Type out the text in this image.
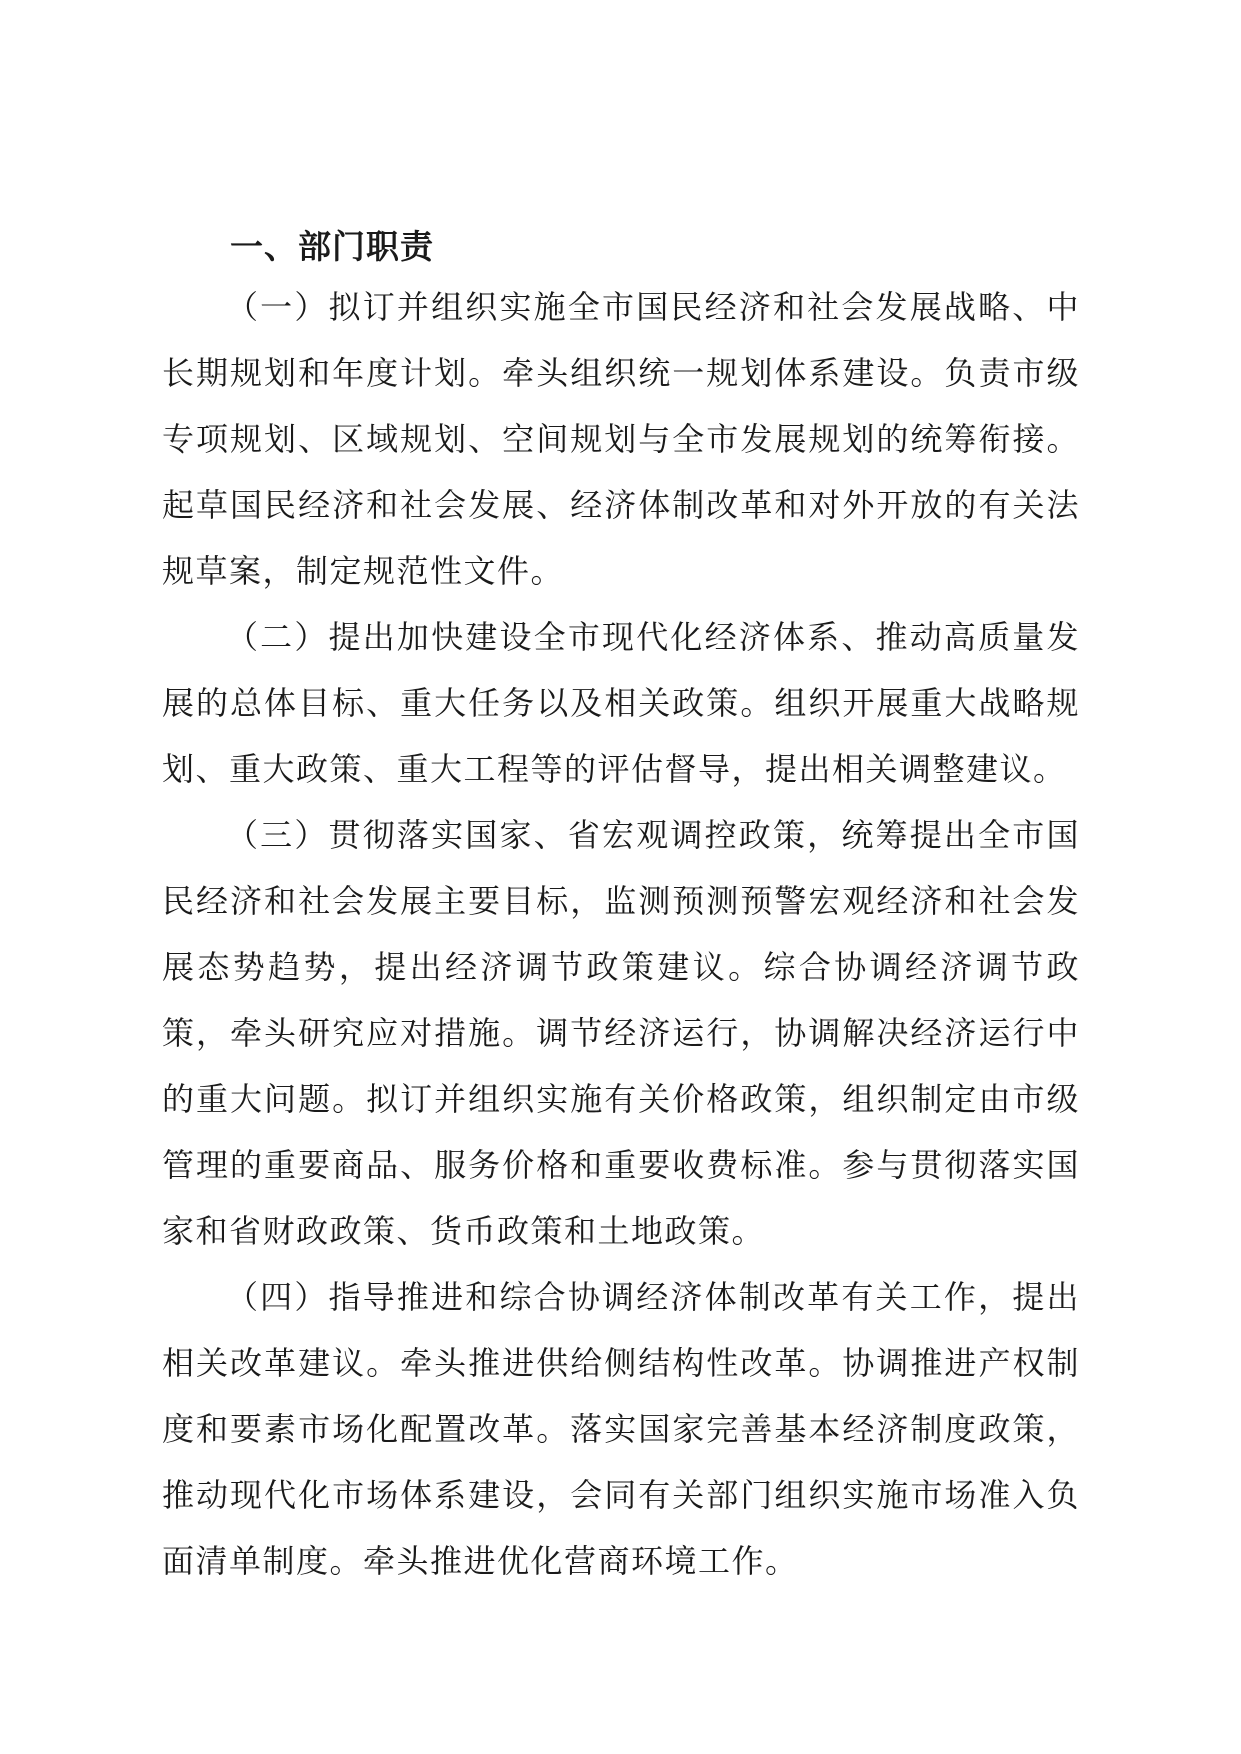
一、部门职责

（一）拟订并组织实施全市国民经济和社会发展战略、中长期规划和年度计划。牵头组织统一规划体系建设。负责市级专项规划、区域规划、空间规划与全市发展规划的统筹衔接。起草国民经济和社会发展、经济体制改革和对外开放的有关法规草案，制定规范性文件。

（二）提出加快建设全市现代化经济体系、推动高质量发展的总体目标、重大任务以及相关政策。组织开展重大战略规划、重大政策、重大工程等的评估督导，提出相关调整建议。

（三）贯彻落实国家、省宏观调控政策，统筹提出全市国民经济和社会发展主要目标，监测预测预警宏观经济和社会发展态势趋势，提出经济调节政策建议。综合协调经济调节政策，牵头研究应对措施。调节经济运行，协调解决经济运行中的重大问题。拟订并组织实施有关价格政策，组织制定由市级管理的重要商品、服务价格和重要收费标准。参与贯彻落实国家和省财政政策、货币政策和土地政策。

（四）指导推进和综合协调经济体制改革有关工作，提出相关改革建议。牵头推进供给侧结构性改革。协调推进产权制度和要素市场化配置改革。落实国家完善基本经济制度政策，推动现代化市场体系建设，会同有关部门组织实施市场准入负面清单制度。牵头推进优化营商环境工作。
